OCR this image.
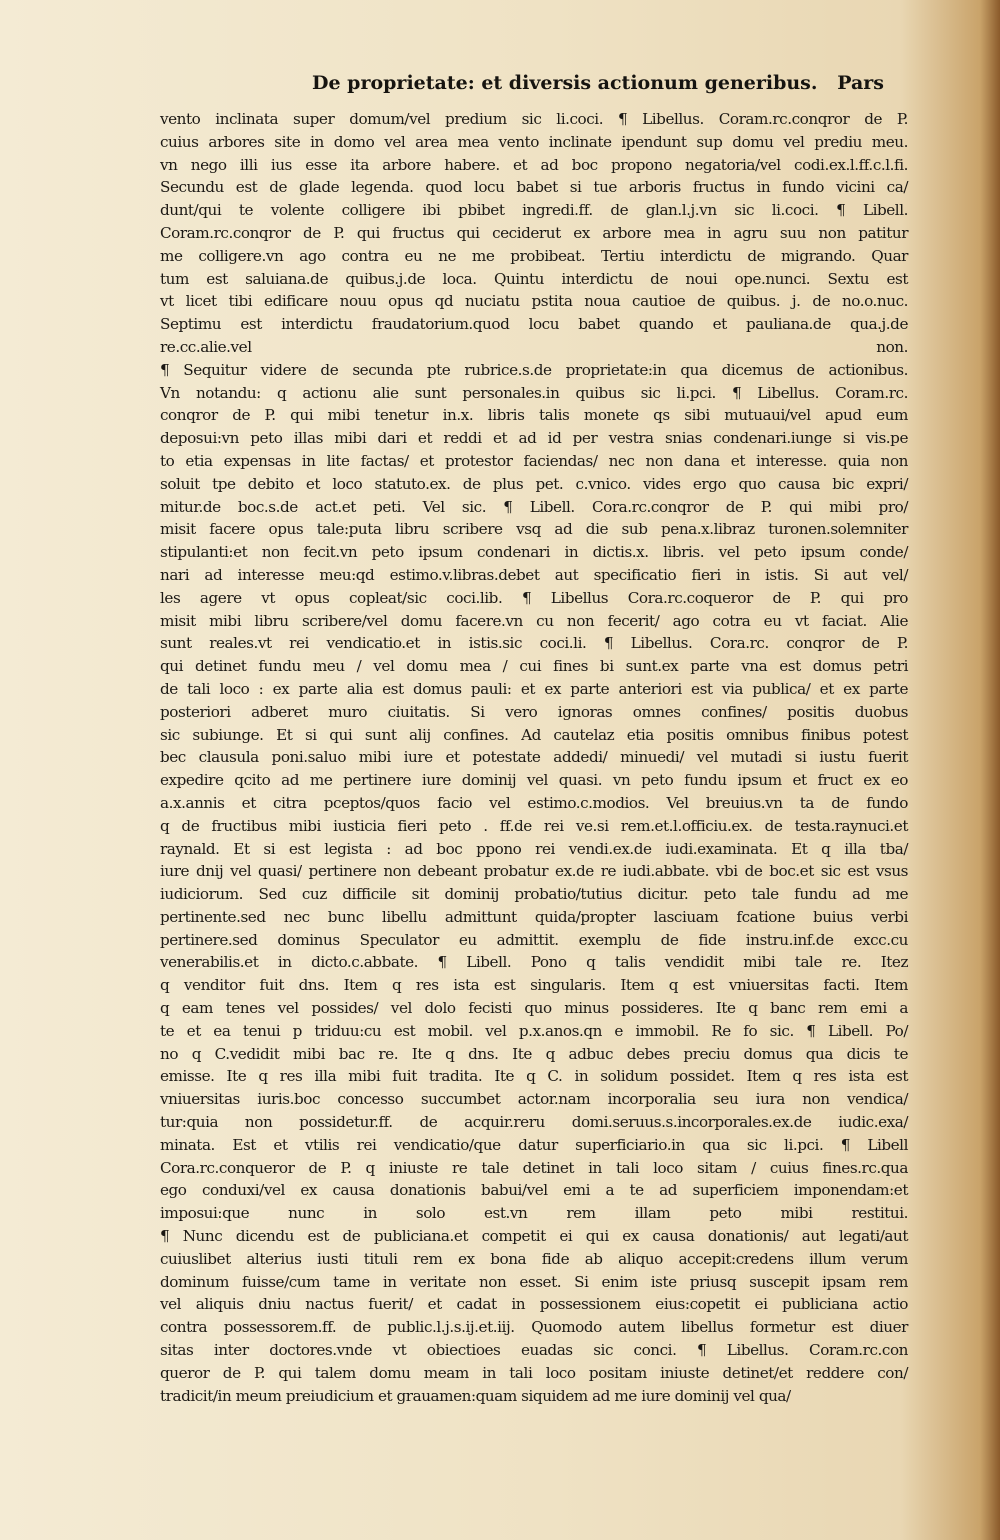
De proprietate: et diversis actionum generibus. Pars
vento inclinata super domum/vel predium sic li.coci. ¶ Libellus. Coram.rc.conqror de P.
cuius arbores site in domo vel area mea vento inclinate ipendunt sup domu vel prediu meu.
vn nego illi ius esse ita arbore habere. et ad boc propono negatoria/vel codi.ex.l.ff.c.l.fi.
Secundu est de glade legenda. quod locu babet si tue arboris fructus in fundo vicini ca/
dunt/qui te volente colligere ibi pbibet ingredi.ff. de glan.l.j.vn sic li.coci. ¶ Libell.
Coram.rc.conqror de P. qui fructus qui ceciderut ex arbore mea in agru suu non patitur
me colligere.vn ago contra eu ne me probibeat. Tertiu interdictu de migrando. Quar
tum est saluiana.de quibus.j.de loca. Quintu interdictu de noui ope.nunci. Sextu est
vt licet tibi edificare nouu opus qd nuciatu pstita noua cautioe de quibus. j. de no.o.nuc.
Septimu est interdictu fraudatorium.quod locu babet quando et pauliana.de qua.j.de
re.cc.alie.vel non.
¶ Sequitur videre de secunda pte rubrice.s.de proprietate:in qua dicemus de actionibus.
Vn notandu: q actionu alie sunt personales.in quibus sic li.pci. ¶ Libellus. Coram.rc.
conqror de P. qui mibi tenetur in.x. libris talis monete qs sibi mutuaui/vel apud eum
deposui:vn peto illas mibi dari et reddi et ad id per vestra snias condenari.iunge si vis.pe
to etia expensas in lite factas/ et protestor faciendas/ nec non dana et interesse. quia non
soluit tpe debito et loco statuto.ex. de plus pet. c.vnico. vides ergo quo causa bic expri/
mitur.de boc.s.de act.et peti. Vel sic. ¶ Libell. Cora.rc.conqror de P. qui mibi pro/
misit facere opus tale:puta libru scribere vsq ad die sub pena.x.libraz turonen.solemniter
stipulanti:et non fecit.vn peto ipsum condenari in dictis.x. libris. vel peto ipsum conde/
nari ad interesse meu:qd estimo.v.libras.debet aut specificatio fieri in istis. Si aut vel/
les agere vt opus copleat/sic coci.lib. ¶ Libellus Cora.rc.coqueror de P. qui pro
misit mibi libru scribere/vel domu facere.vn cu non fecerit/ ago cotra eu vt faciat. Alie
sunt reales.vt rei vendicatio.et in istis.sic coci.li. ¶ Libellus. Cora.rc. conqror de P.
qui detinet fundu meu / vel domu mea / cui fines bi sunt.ex parte vna est domus petri
de tali loco : ex parte alia est domus pauli: et ex parte anteriori est via publica/ et ex parte
posteriori adberet muro ciuitatis. Si vero ignoras omnes confines/ positis duobus
sic subiunge. Et si qui sunt alij confines. Ad cautelaz etia positis omnibus finibus potest
bec clausula poni.saluo mibi iure et potestate addedi/ minuedi/ vel mutadi si iustu fuerit
expedire qcito ad me pertinere iure dominij vel quasi. vn peto fundu ipsum et fruct ex eo
a.x.annis et citra pceptos/quos facio vel estimo.c.modios. Vel breuius.vn ta de fundo
q de fructibus mibi iusticia fieri peto . ff.de rei ve.si rem.et.l.officiu.ex. de testa.raynuci.et
raynald. Et si est legista : ad boc ppono rei vendi.ex.de iudi.examinata. Et q illa tba/
iure dnij vel quasi/ pertinere non debeant probatur ex.de re iudi.abbate. vbi de boc.et sic est vsus
iudiciorum. Sed cuz difficile sit dominij probatio/tutius dicitur. peto tale fundu ad me
pertinente.sed nec bunc libellu admittunt quida/propter lasciuam fcatione buius verbi
pertinere.sed dominus Speculator eu admittit. exemplu de fide instru.inf.de excc.cu
venerabilis.et in dicto.c.abbate. ¶ Libell. Pono q talis vendidit mibi tale re. Itez
q venditor fuit dns. Item q res ista est singularis. Item q est vniuersitas facti. Item
q eam tenes vel possides/ vel dolo fecisti quo minus possideres. Ite q banc rem emi a
te et ea tenui p triduu:cu est mobil. vel p.x.anos.qn e immobil. Re fo sic. ¶ Libell. Po/
no q C.vedidit mibi bac re. Ite q dns. Ite q adbuc debes preciu domus qua dicis te
emisse. Ite q res illa mibi fuit tradita. Ite q C. in solidum possidet. Item q res ista est
vniuersitas iuris.boc concesso succumbet actor.nam incorporalia seu iura non vendica/
tur:quia non possidetur.ff. de acquir.reru domi.seruus.s.incorporales.ex.de iudic.exa/
minata. Est et vtilis rei vendicatio/que datur superficiario.in qua sic li.pci. ¶ Libell
Cora.rc.conqueror de P. q iniuste re tale detinet in tali loco sitam / cuius fines.rc.qua
ego conduxi/vel ex causa donationis babui/vel emi a te ad superficiem imponendam:et
imposui:que nunc in solo est.vn rem illam peto mibi restitui.
¶ Nunc dicendu est de publiciana.et competit ei qui ex causa donationis/ aut legati/aut
cuiuslibet alterius iusti tituli rem ex bona fide ab aliquo accepit:credens illum verum
dominum fuisse/cum tame in veritate non esset. Si enim iste priusq suscepit ipsam rem
vel aliquis dniu nactus fuerit/ et cadat in possessionem eius:copetit ei publiciana actio
contra possessorem.ff. de public.l.j.s.ij.et.iij. Quomodo autem libellus formetur est diuer
sitas inter doctores.vnde vt obiectioes euadas sic conci. ¶ Libellus. Coram.rc.con
queror de P. qui talem domu meam in tali loco positam iniuste detinet/et reddere con/
tradicit/in meum preiudicium et grauamen:quam siquidem ad me iure dominij vel qua/
